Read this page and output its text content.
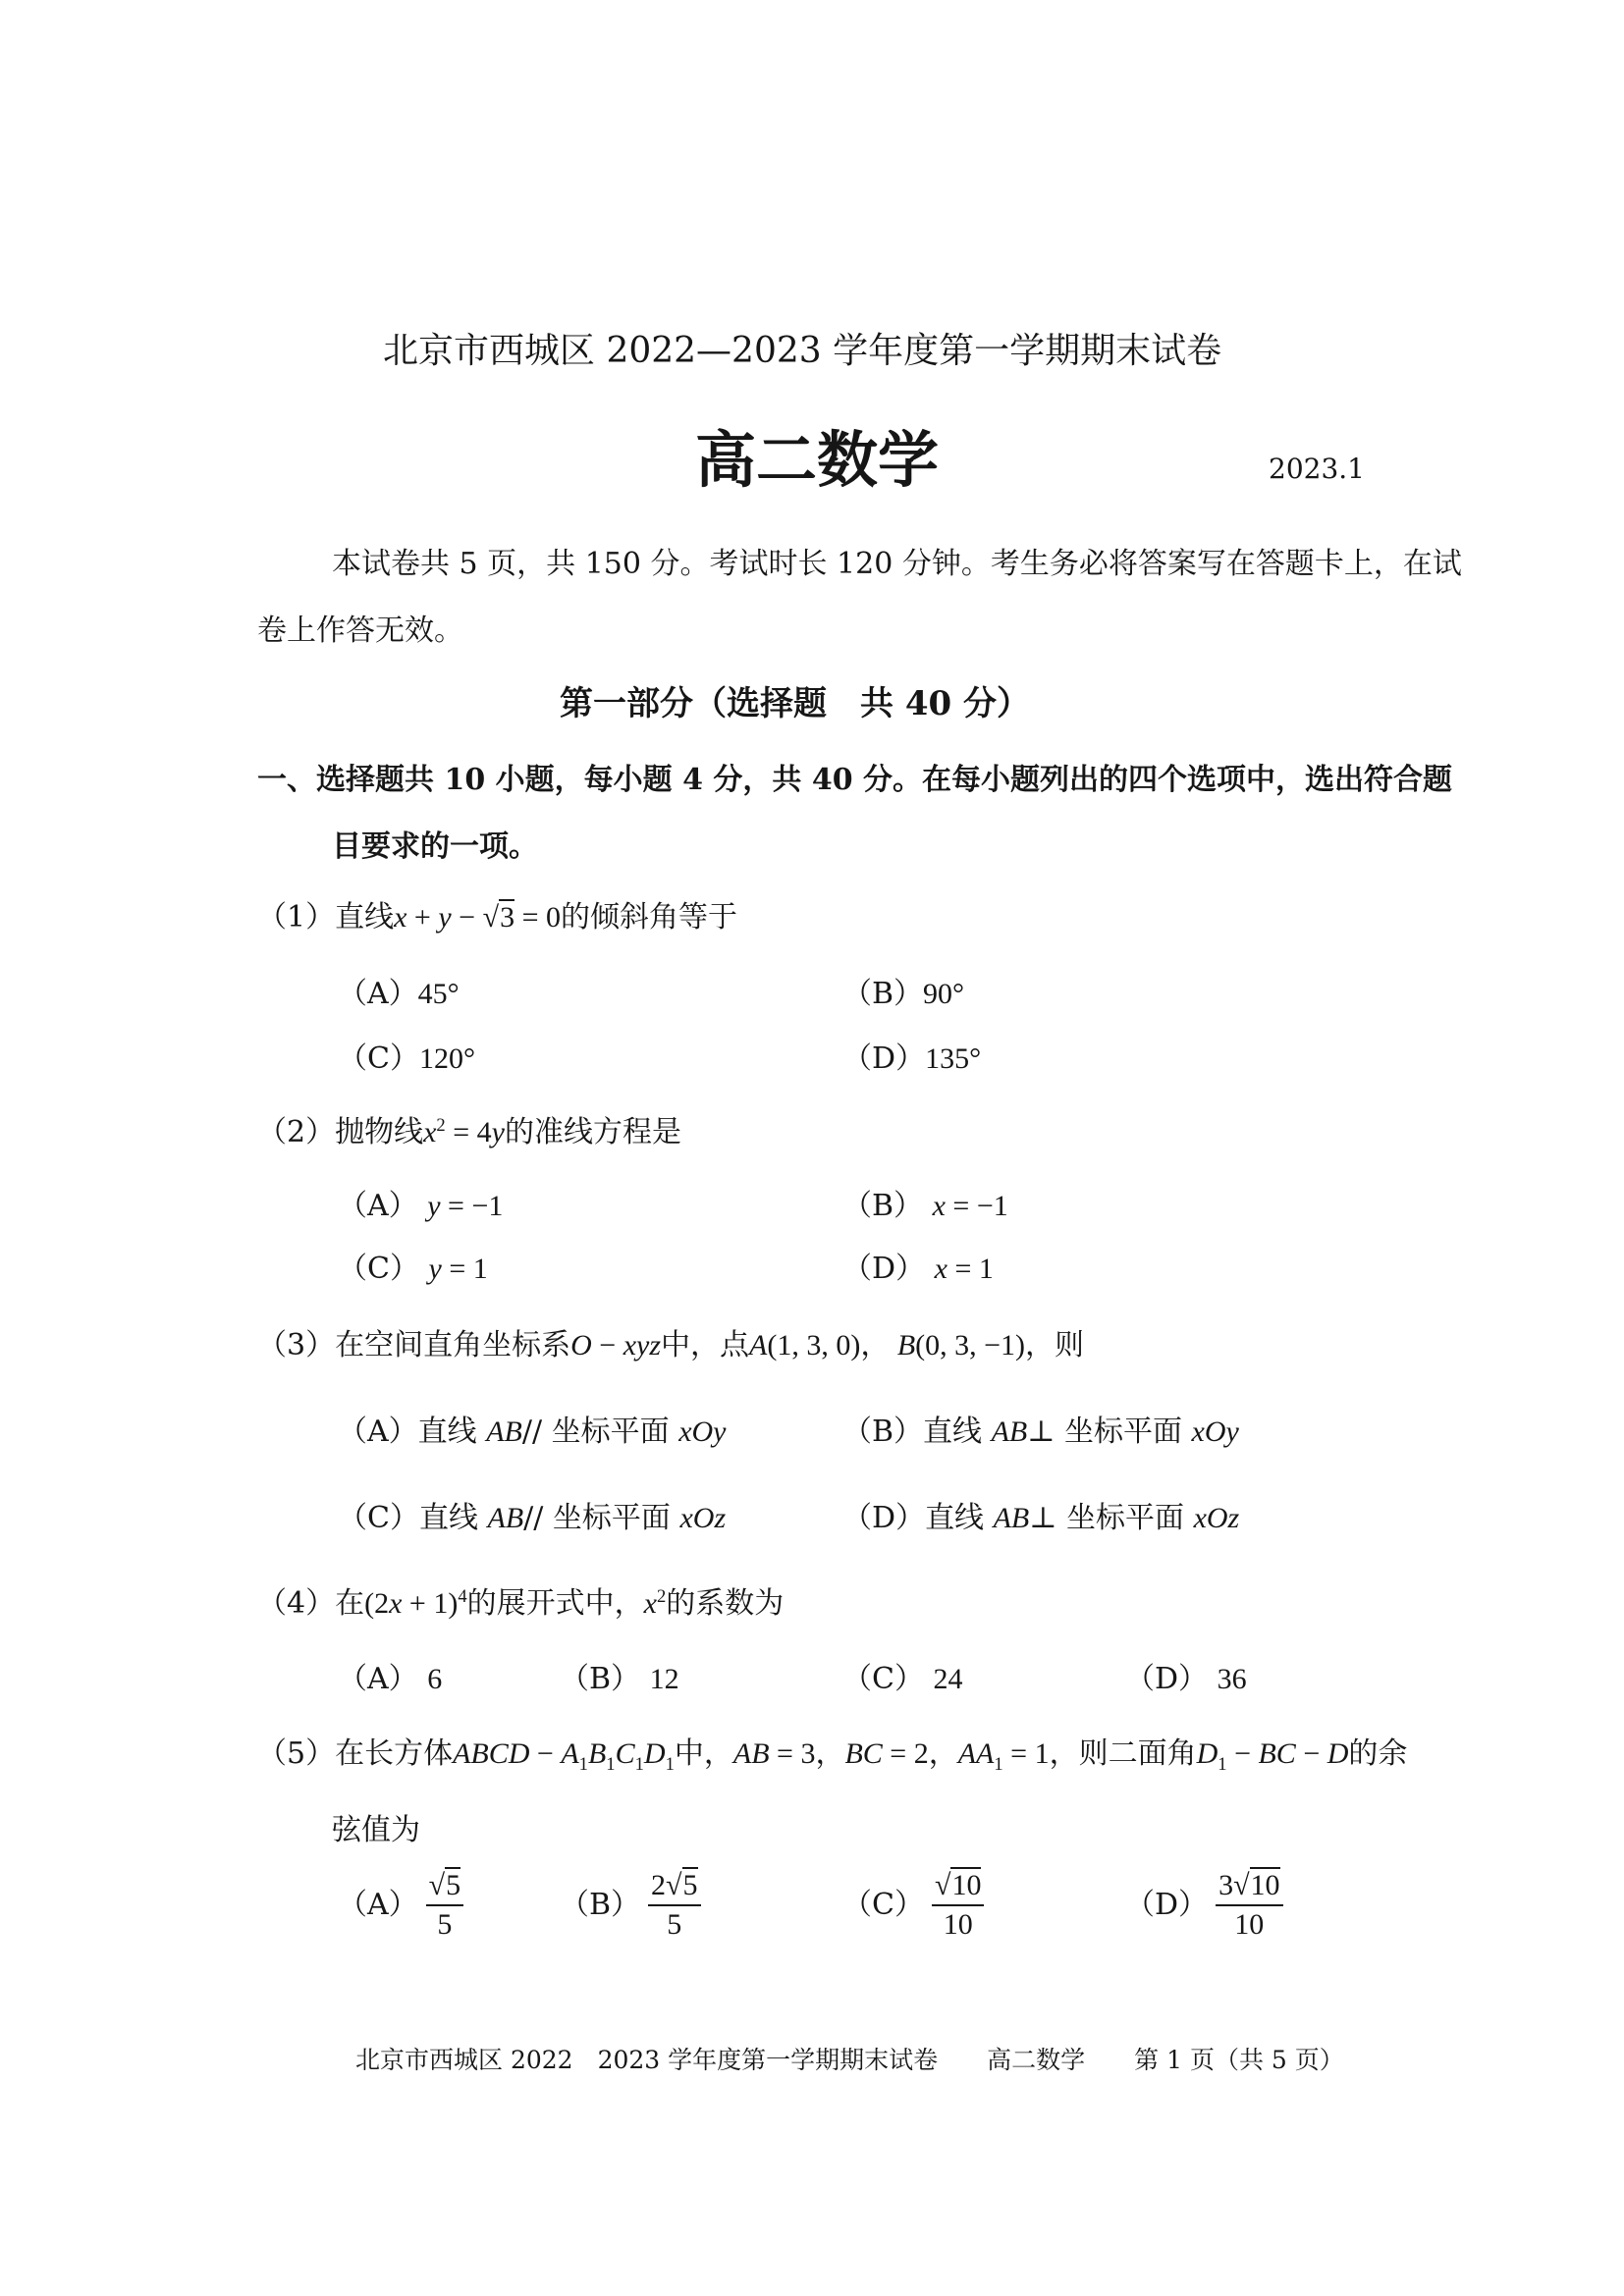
北京市西城区 2022—2023 学年度第一学期期末试卷
高二数学	2023.1
本试卷共 5 页，共 150 分。考试时长 120 分钟。考生务必将答案写在答题卡上，在试
卷上作答无效。
第一部分（选择题　共 40 分）
一、选择题共 10 小题，每小题 4 分，共 40 分。在每小题列出的四个选项中，选出符合题
目要求的一项。
（1）直线x + y − √3 = 0的倾斜角等于
（A）45°	（B）90°
（C）120°	（D）135°
（2）抛物线$x^2 = 4y$的准线方程是
（A） y = −1	（B） x = −1
（C） y = 1	（D） x = 1
（3）在空间直角坐标系O − xyz中，点A(1, 3, 0)， B(0, 3, −1)，则
（A）直线 AB// 坐标平面 xOy	（B）直线 AB⊥ 坐标平面 xOy
（C）直线 AB// 坐标平面 xOz	（D）直线 AB⊥ 坐标平面 xOz
（4）在$(2x + 1)^4$的展开式中，$x^2$的系数为
（A） 6	（B） 12	（C） 24	（D） 36
（5）在长方体ABCD − $A_1B_1C_1D_1$中，AB = 3，BC = 2，$AA_1 = 1$，则二面角$D_1$ − BC − D的余
弦值为
$(A) \frac{√5}{5}$	$(B) \frac{2√5}{5}$	$(C) \frac{√10}{10}$	$(D) \frac{3√10}{10}$
北京市西城区 2022　2023 学年度第一学期期末试卷　　高二数学　　第 1 页（共 5 页）
